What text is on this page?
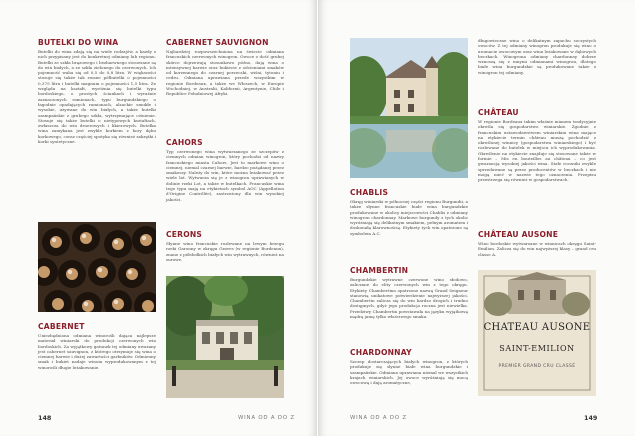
BUTELKI DO WINA

Butelki do wina zdają się na wiele rodzajów, a każdy z nich przypisany jest do konkretnej odmiany lub regionu. Butelki ze szkła brązowego i bezbarwnego stosowane są do win białych, a ze szkła zielonego do czerwonych. Ich pojemność waha się od 0,5 do 0,8 litra. W większości stosuje się także tak zwane półbutelki o pojemności 0,375 litra i butelki magnum o pojemności 1,5 litra. Ze względu na kształt, wyróżnia się butelki typu bordoskiego, o prostych ściankach i wyraźnie zaznaczonych ramionach, typu burgundzkiego o łagodnie opadających ramionach, alzackie smukłe i wysokie, używane do win białych, a także butelki szampańskie z grubego szkła, wytrzymujące ciśnienie. Stosuje się także butelki o nietypowych kształtach, zwłaszcza do win deserowych i likierowych. Butelka wina zamykana jest zwykle korkiem z kory dębu korkowego, coraz częściej spotyka się również zakrętki i korki syntetyczne.

CABERNET

Uniezbędniona odmiana winorośli dająca najlepsze materiał winiarski do produkcji czerwonych win bordoskich. Za wyjątkowy gatunek tej odmiany uważany jest cabernet sauvignon, z którego otrzymuje się wina o ciemnej barwie i dużej zawartości garbników. Odmienny smak i bukiet nadaje winom wyprodukowanym z tej winorośli długie leżakowanie.

CABERNET SAUVIGNON

Najbardziej rozpowszechniona na świecie odmiana francuskich czerwonych winogron. Owoce o dość grubej skórce dojrzewają stosunkowo późno, dają wina o intensywnej barwie oraz bukiecie z odcieniami smaków od korzennego do czarnej porzeczki, wiśni, tytoniu i cedru. Odmiana uprawiana przede wszystkim w regionie Bordeaux, a także we Włoszech, w Europie Wschodniej, w Australii, Kalifornii, Argentynie, Chile i Republice Południowej Afryki.

CAHORS

Typ czerwonego wina wytwarzanego ze szczepów z ciemnych odmian winogron, który pochodzi od nazwy francuskiego miasta Cahors. Jest to markowe wino o ciemnej, niemal czarnej barwie, bardzo pożądanej przez smakoszy. Należy do win, które można leżakować przez wiele lat. Wytwarza się je z winogron uprawianych w dolinie rzeki Lot, a także w butelkach. Francuskie wina tego typu mają na etykietach symbol AOC (Appellation d'Origine Contrôlée), zastrzeżony dla win wysokiej jakości.

CERONS

Słynne wino francuskie rozlewane na lewym brzegu rzeki Garonny w okręgu Graves (w regionie Bordeaux), znane z półsłodkich białych win wytrawnych, również na surowe.

148	WINA OD A DO Z
CHABLIS

Okręg winiarski w północnej części regionu Burgundii, a także słynne francuskie białe wina burgundzkie produkowane w okolicy miejscowości Chablis z odmiany winogron chardonnay. Markowe burgundy z tych okolic wyróżniają się delikatnym smakiem, pełnym aromatem i doskonałą klarownością. Etykiety tych win opatrzone są symbolem A.C.

CHAMBERTIN

Burgundzkie wytrawne czerwone wino słodowo, zaliczane do elity czerwonych win z tego okręgu. Etykiety Chambertina opatrzone nazwą Grand Seigneur stanowią unikatowe potwierdzenie najwyższej jakości. Chambertin zalicza się do win bardzo drogich i trudno dostępnych, gdyż jego produkcja roczna jest niewielka. Przedziwy Chambertin powstawała na języku wyjątkową mądrą jamę tylko właściwego smaku.

CHARDONNAY

Szczep dostarczających białych winogron, z których produkuje się słynne białe wina burgundzkie i szampańskie. Odmiana uprawiana niemal we wszystkich krajach winiarskich. Jej owoce wyróżniają się mocą owocową i dają aromatyczne,

długowieczne wino o delikatnym zapachu soczystych owoców. Z tej odmiany winogron produkuje się wino o aromacie owocowym oraz wina leżakowane w dębowych beczkach. Winogrona odmiany chardonnay dobrze wznoszą się z innymi odmianami winogron, dlatego białe wina burgundzkie są produkowane także z winogron tej odmiany.

CHÂTEAU

W regionie Bordeaux takim właśnie mianem tradycyjnie określa się gospodarstwo winiarskie. Zgodnie z francuskim ustawodawstwem winiarskim wina mające na etykiecie termin château muszą pochodzić z określonej winnicy (gospodarstwa winiarskiego) i być rozlewane do butelek w miejscu ich wyprodukowania. Określenie na etykiecie znajduje się stosowane także w formie – Mis en bouteilles au château – co jest gwarancją wysokiej jakości wina. Stałe roczniki zwykle sprzedawane są przez producentów w beczkach i nie mogą mieć w nazwie tego oznaczenia. Przepisu przestrzega się również w gospodarstwach.

CHÂTEAU AUSONE

Wino bordoskie wytwarzane w winnicach okręgu Saint-Emilion. Zalicza się do win najwyższej klasy – grand cru classe A.

CHATEAU AUSONE
SAINT-EMILION
PREMIER GRAND CRU CLASSÉ
WINA OD A DO Z	149
